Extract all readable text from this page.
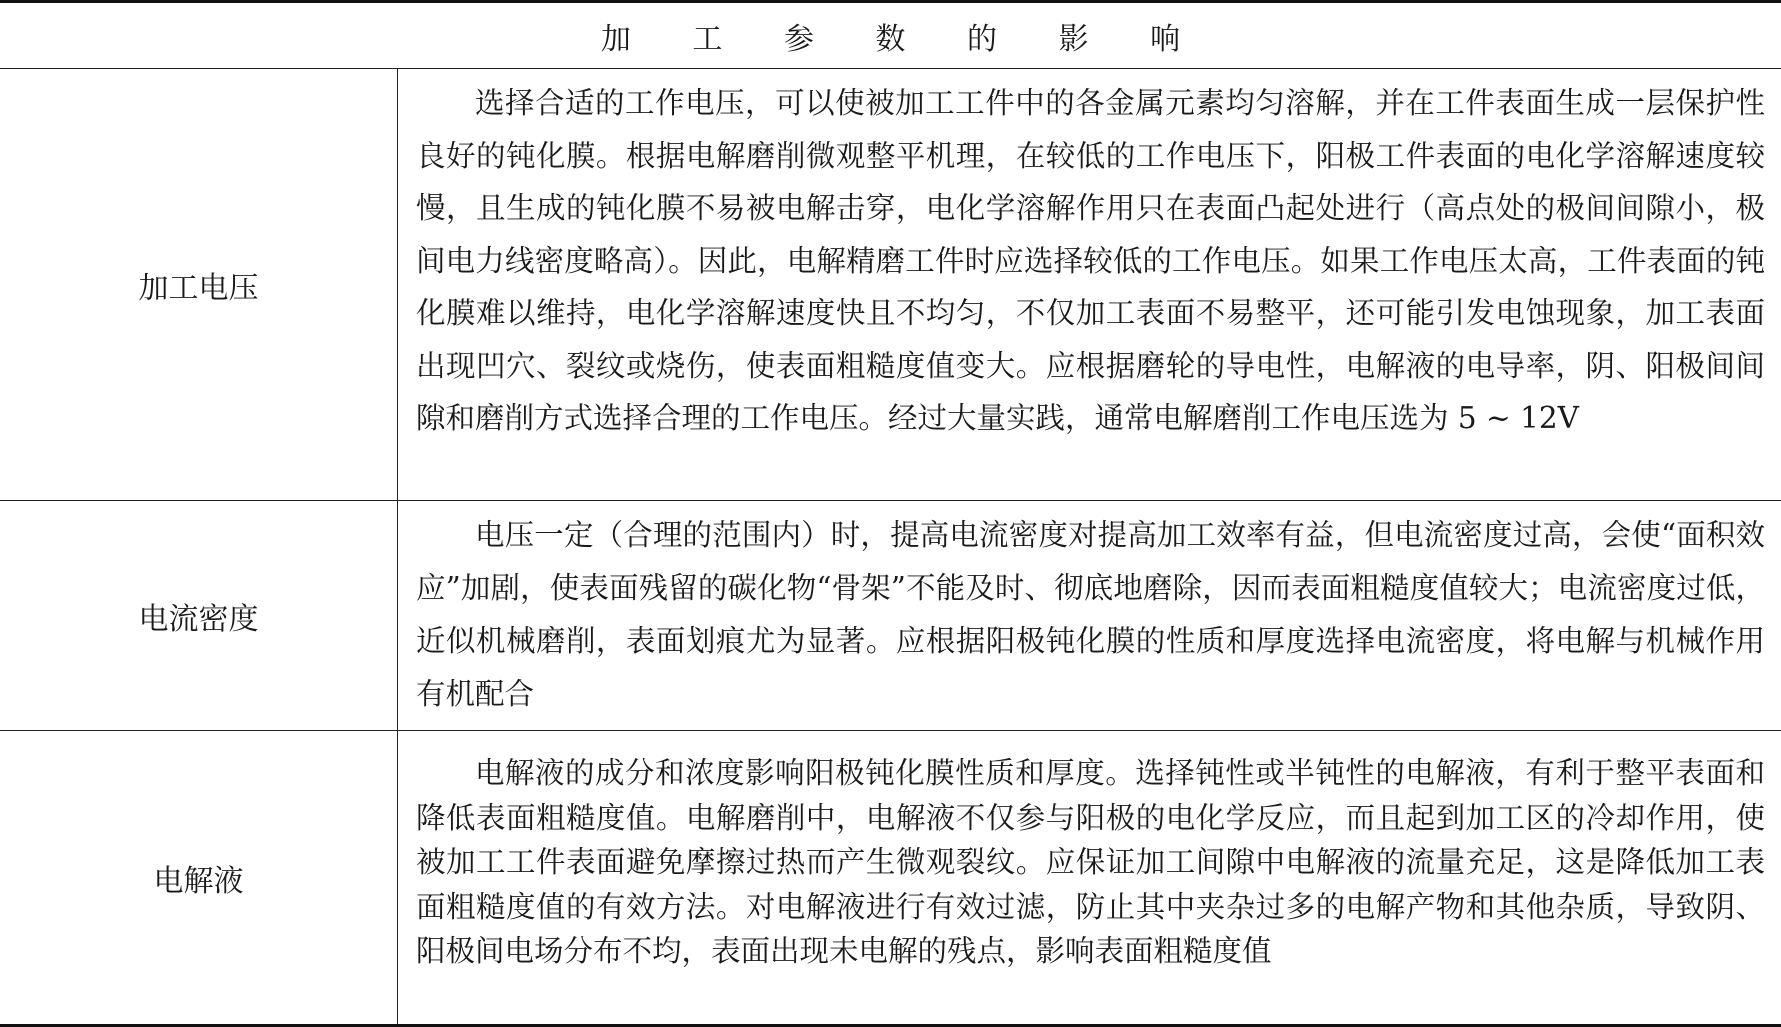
加 工 参 数 的 影 响
加工电压

选择合适的工作电压，可以使被加工工件中的各金属元素均匀溶解，并在工件表面生成一层保护性良好的钝化膜。根据电解磨削微观整平机理，在较低的工作电压下，阳极工件表面的电化学溶解速度较慢，且生成的钝化膜不易被电解击穿，电化学溶解作用只在表面凸起处进行（高点处的极间间隙小，极间电力线密度略高）。因此，电解精磨工件时应选择较低的工作电压。如果工作电压太高，工件表面的钝化膜难以维持，电化学溶解速度快且不均匀，不仅加工表面不易整平，还可能引发电蚀现象，加工表面出现凹穴、裂纹或烧伤，使表面粗糙度值变大。应根据磨轮的导电性，电解液的电导率，阴、阳极间间隙和磨削方式选择合理的工作电压。经过大量实践，通常电解磨削工作电压选为 5 ~ 12V

电流密度

电压一定（合理的范围内）时，提高电流密度对提高加工效率有益，但电流密度过高，会使“面积效应”加剧，使表面残留的碳化物“骨架”不能及时、彻底地磨除，因而表面粗糙度值较大；电流密度过低，近似机械磨削，表面划痕尤为显著。应根据阳极钝化膜的性质和厚度选择电流密度，将电解与机械作用有机配合

电解液

电解液的成分和浓度影响阳极钝化膜性质和厚度。选择钝性或半钝性的电解液，有利于整平表面和降低表面粗糙度值。电解磨削中，电解液不仅参与阳极的电化学反应，而且起到加工区的冷却作用，使被加工工件表面避免摩擦过热而产生微观裂纹。应保证加工间隙中电解液的流量充足，这是降低加工表面粗糙度值的有效方法。对电解液进行有效过滤，防止其中夹杂过多的电解产物和其他杂质，导致阴、阳极间电场分布不均，表面出现未电解的残点，影响表面粗糙度值
